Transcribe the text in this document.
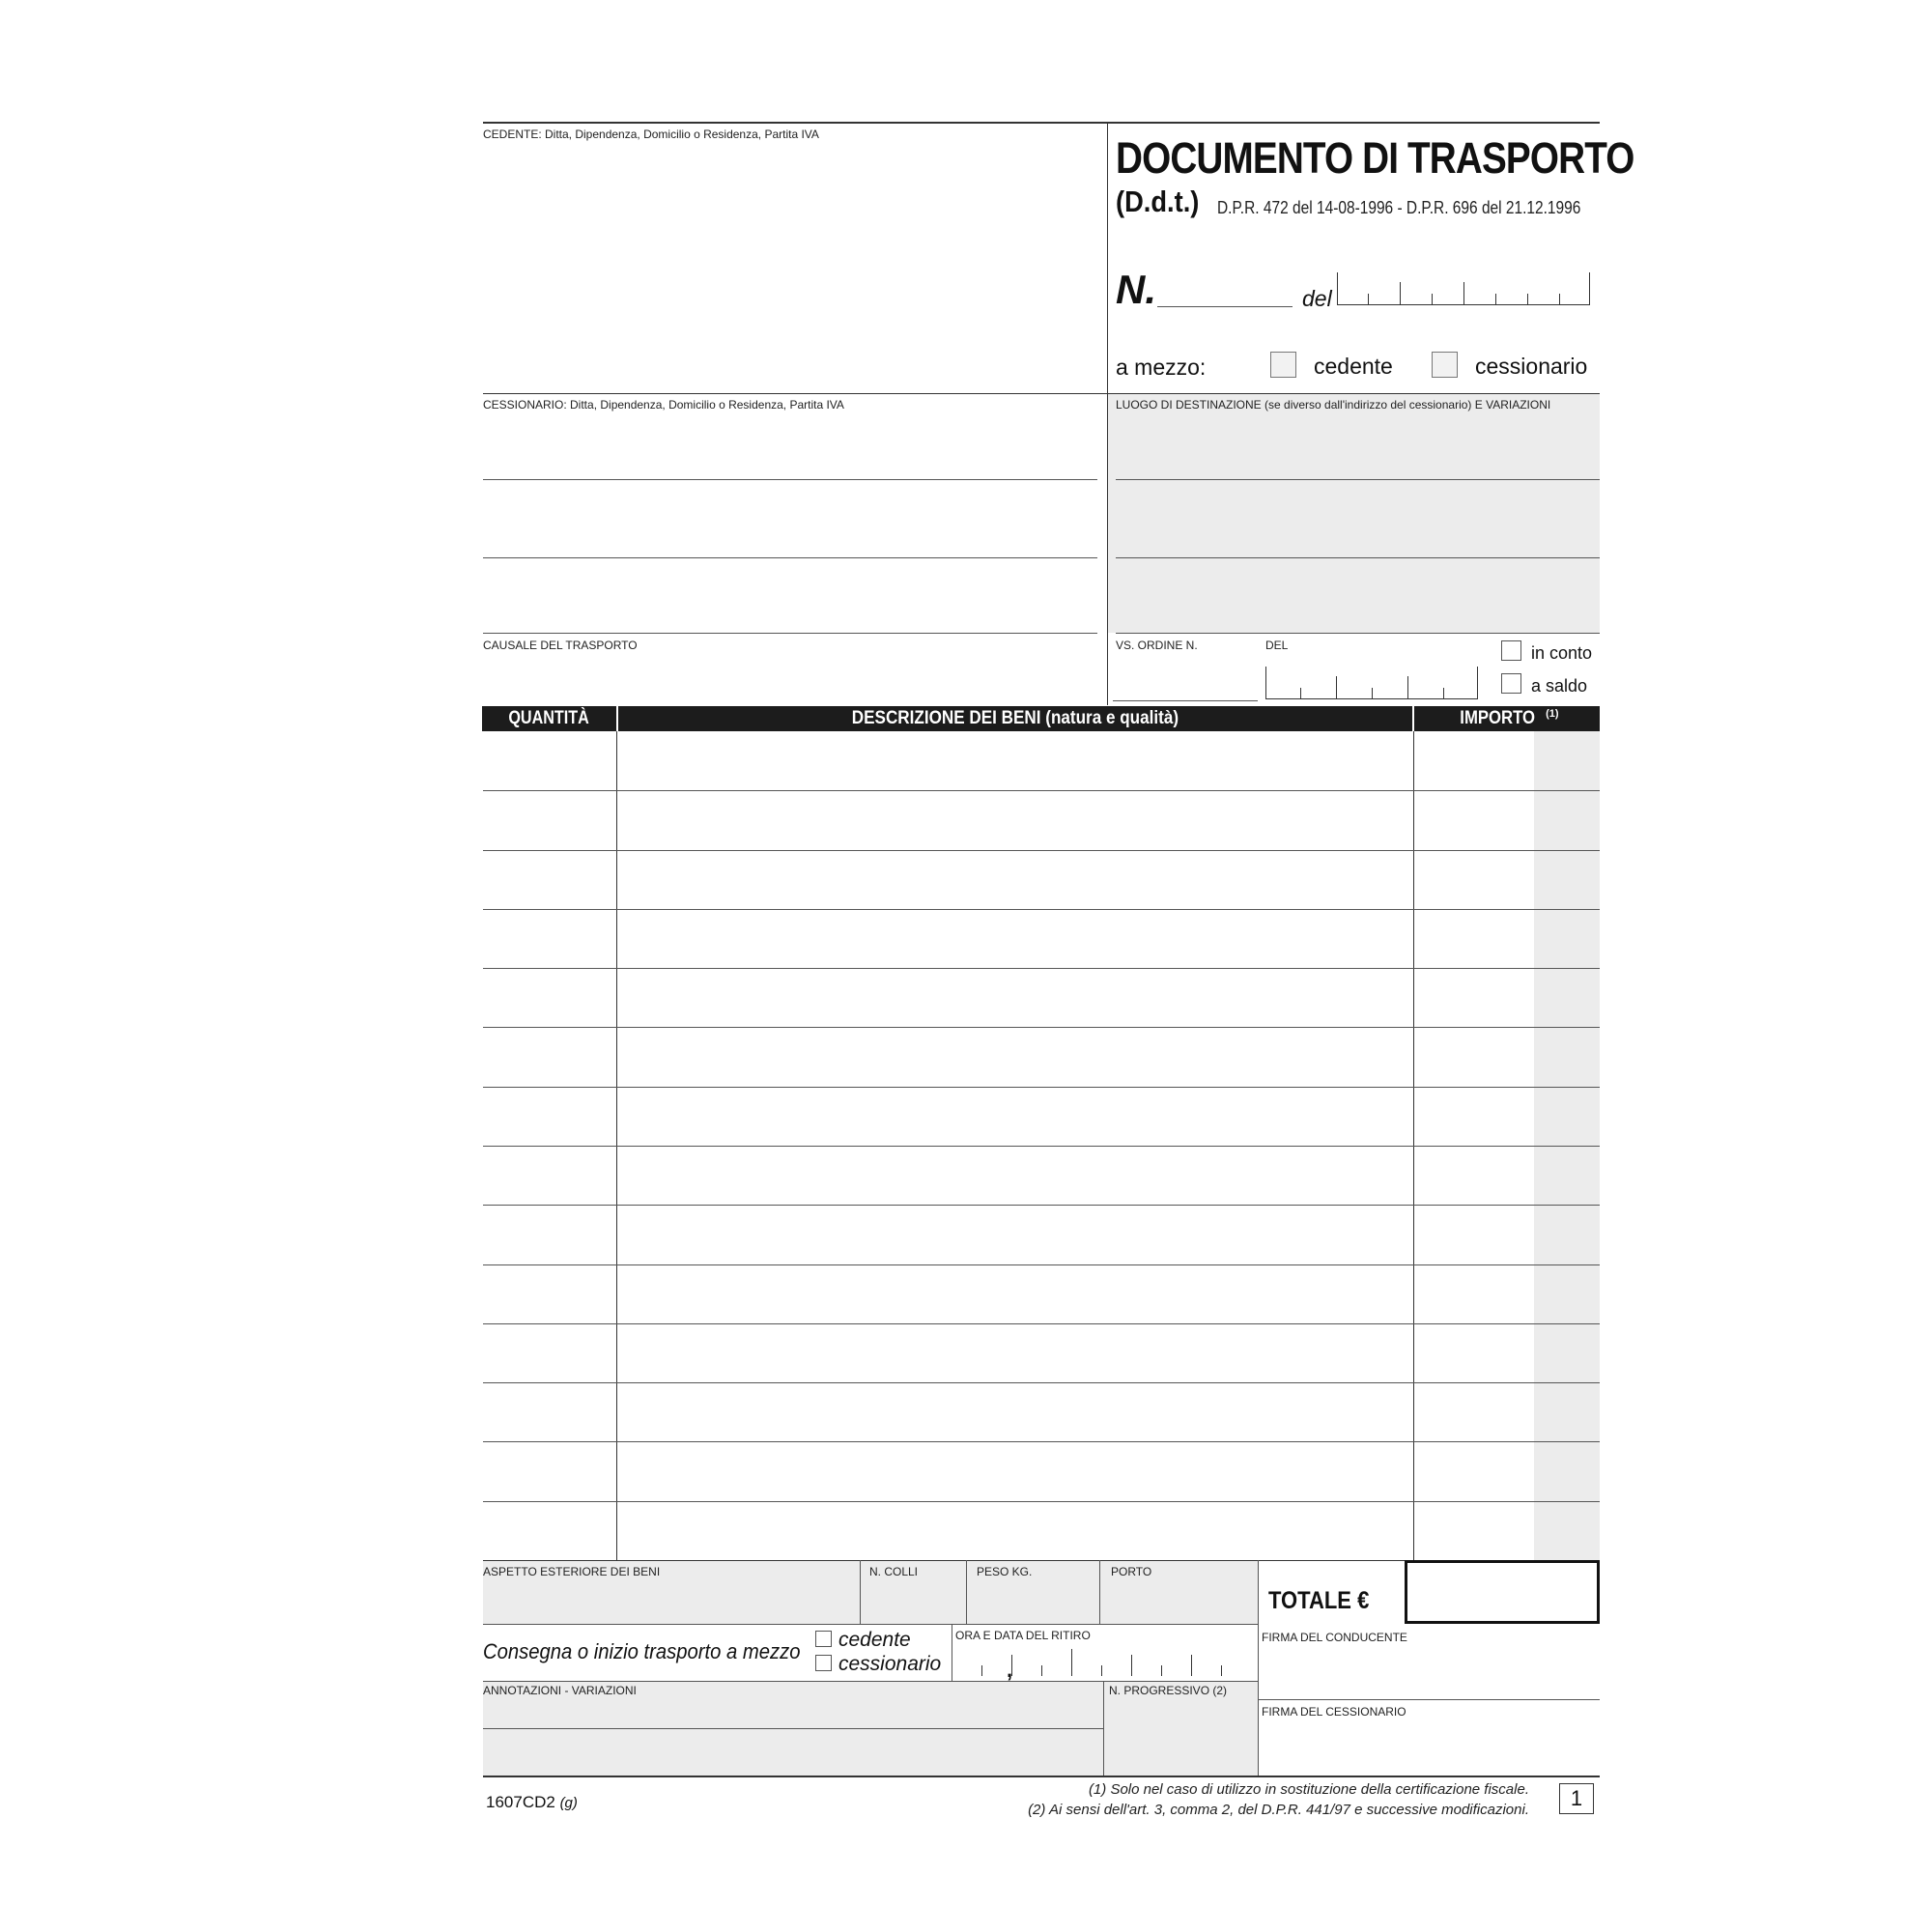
CEDENTE: Ditta, Dipendenza, Domicilio o Residenza, Partita IVA	DOCUMENTO DI TRASPORTO
(D.d.t.) D.P.R. 472 del 14-08-1996 - D.P.R. 696 del 21.12.1996
N.	del
a mezzo:	cedente	cessionario
CESSIONARIO: Ditta, Dipendenza, Domicilio o Residenza, Partita IVA	LUOGO DI DESTINAZIONE (se diverso dall'indirizzo del cessionario) E VARIAZIONI
CAUSALE DEL TRASPORTO	VS. ORDINE N.	DEL	in conto
a saldo
QUANTITÀ	DESCRIZIONE DEI BENI (natura e qualità)	IMPORTO $^{(1)}$
ASPETTO ESTERIORE DEI BENI	N. COLLI	PESO KG.	PORTO
TOTALE €
Consegna o inizio trasporto a mezzo cedente
cessionario
ORA E DATA DEL RITIRO
,
FIRMA DEL CONDUCENTE
ANNOTAZIONI - VARIAZIONI	N. PROGRESSIVO (2)
FIRMA DEL CESSIONARIO
1607CD2 (g)
(1) Solo nel caso di utilizzo in sostituzione della certificazione fiscale.
(2) Ai sensi dell'art. 3, comma 2, del D.P.R. 441/97 e successive modificazioni.	1
